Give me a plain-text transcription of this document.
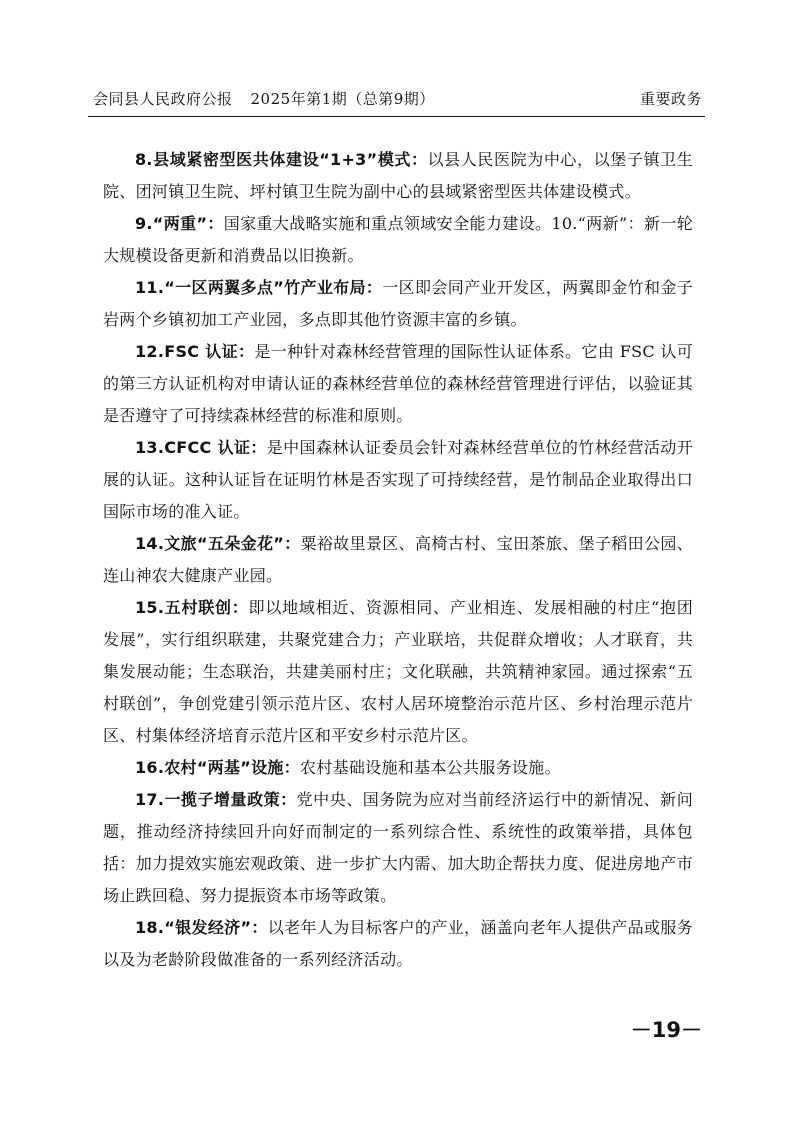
会同县人民政府公报 2025年第1期（总第9期）	重要政务

8.县域紧密型医共体建设“1+3”模式：以县人民医院为中心，以堡子镇卫生院、团河镇卫生院、坪村镇卫生院为副中心的县域紧密型医共体建设模式。

9.“两重”：国家重大战略实施和重点领域安全能力建设。10.“两新”：新一轮大规模设备更新和消费品以旧换新。

11.“一区两翼多点”竹产业布局：一区即会同产业开发区，两翼即金竹和金子岩两个乡镇初加工产业园，多点即其他竹资源丰富的乡镇。

12.FSC 认证：是一种针对森林经营管理的国际性认证体系。它由 FSC 认可的第三方认证机构对申请认证的森林经营单位的森林经营管理进行评估，以验证其是否遵守了可持续森林经营的标准和原则。

13.CFCC 认证：是中国森林认证委员会针对森林经营单位的竹林经营活动开展的认证。这种认证旨在证明竹林是否实现了可持续经营，是竹制品企业取得出口国际市场的准入证。

14.文旅“五朵金花”：粟裕故里景区、高椅古村、宝田茶旅、堡子稻田公园、连山神农大健康产业园。

15.五村联创：即以地域相近、资源相同、产业相连、发展相融的村庄“抱团发展”，实行组织联建，共聚党建合力；产业联培，共促群众增收；人才联育，共集发展动能；生态联治，共建美丽村庄；文化联融，共筑精神家园。通过探索“五村联创”，争创党建引领示范片区、农村人居环境整治示范片区、乡村治理示范片区、村集体经济培育示范片区和平安乡村示范片区。

16.农村“两基”设施：农村基础设施和基本公共服务设施。

17.一揽子增量政策：党中央、国务院为应对当前经济运行中的新情况、新问题，推动经济持续回升向好而制定的一系列综合性、系统性的政策举措，具体包括：加力提效实施宏观政策、进一步扩大内需、加大助企帮扶力度、促进房地产市场止跌回稳、努力提振资本市场等政策。

18.“银发经济”：以老年人为目标客户的产业，涵盖向老年人提供产品或服务以及为老龄阶段做准备的一系列经济活动。

－19－
